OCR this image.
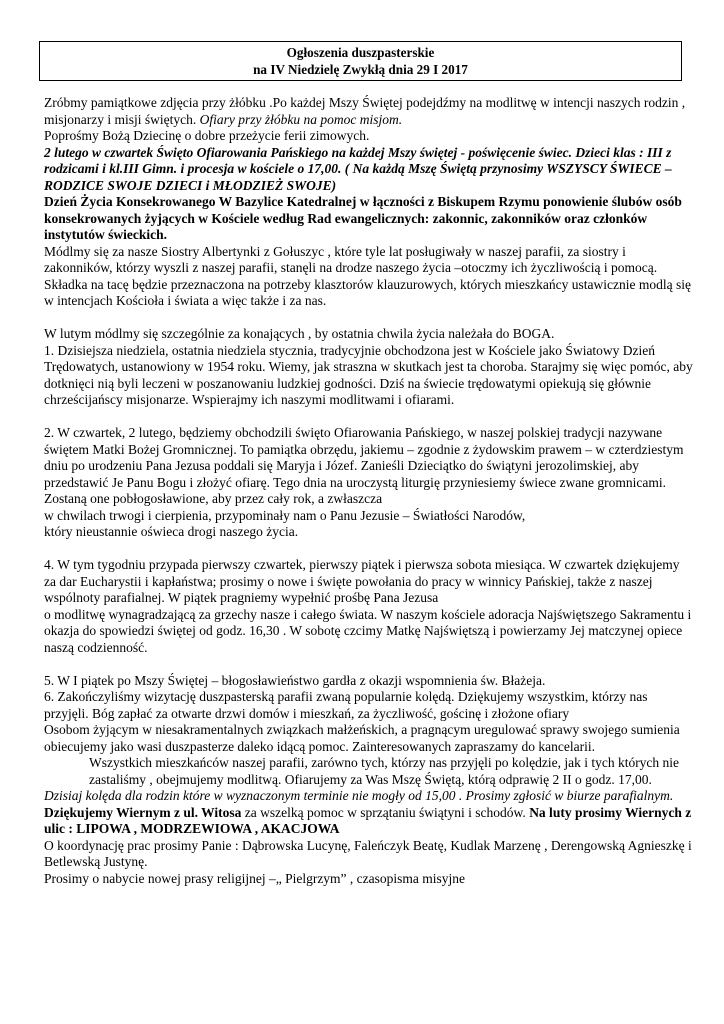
Ogłoszenia duszpasterskie
na IV Niedzielę Zwykłą dnia 29 I 2017

Zróbmy pamiątkowe zdjęcia przy żłóbku .Po każdej Mszy Świętej podejdźmy na modlitwę w intencji naszych rodzin , misjonarzy i misji świętych. Ofiary przy żłóbku na pomoc misjom.

Poprośmy Bożą Dziecinę o dobre przeżycie ferii zimowych.

2 lutego w czwartek Święto Ofiarowania Pańskiego na każdej Mszy świętej - poświęcenie świec. Dzieci klas : III z rodzicami i kl.III Gimn. i procesja w kościele o 17,00. ( Na każdą Mszę Świętą przynosimy WSZYSCY ŚWIECE – RODZICE SWOJE DZIECI i MŁODZIEŻ SWOJE)

Dzień Życia Konsekrowanego W Bazylice Katedralnej w łączności z Biskupem Rzymu ponowienie ślubów osób konsekrowanych żyjących w Kościele według Rad ewangelicznych: zakonnic, zakonników oraz członków instytutów świeckich.

Módlmy się za nasze Siostry Albertynki z Gołuszyc , które tyle lat posługiwały w naszej parafii, za siostry i zakonników, którzy wyszli z naszej parafii, stanęli na drodze naszego życia –otoczmy ich życzliwością i pomocą. Składka na tacę będzie przeznaczona na potrzeby klasztorów klauzurowych, których mieszkańcy ustawicznie modlą się w intencjach Kościoła i świata a więc także i za nas.

W lutym módlmy się szczególnie za konających , by ostatnia chwila życia należała do BOGA.

1. Dzisiejsza niedziela, ostatnia niedziela stycznia, tradycyjnie obchodzona jest w Kościele jako Światowy Dzień Trędowatych, ustanowiony w 1954 roku. Wiemy, jak straszna w skutkach jest ta choroba. Starajmy się więc pomóc, aby dotknięci nią byli leczeni w poszanowaniu ludzkiej godności. Dziś na świecie trędowatymi opiekują się głównie chrześcijańscy misjonarze. Wspierajmy ich naszymi modlitwami i ofiarami.

2. W czwartek, 2 lutego, będziemy obchodzili święto Ofiarowania Pańskiego, w naszej polskiej tradycji nazywane świętem Matki Bożej Gromnicznej. To pamiątka obrzędu, jakiemu – zgodnie z żydowskim prawem – w czterdziestym dniu po urodzeniu Pana Jezusa poddali się Maryja i Józef. Zanieśli Dzieciątko do świątyni jerozolimskiej, aby przedstawić Je Panu Bogu i złożyć ofiarę. Tego dnia na uroczystą liturgię przyniesiemy świece zwane gromnicami. Zostaną one pobłogosławione, aby przez cały rok, a zwłaszcza
w chwilach trwogi i cierpienia, przypominały nam o Panu Jezusie – Światłości Narodów,
który nieustannie oświeca drogi naszego życia.

4. W tym tygodniu przypada pierwszy czwartek, pierwszy piątek i pierwsza sobota miesiąca. W czwartek dziękujemy za dar Eucharystii i kapłaństwa; prosimy o nowe i święte powołania do pracy w winnicy Pańskiej, także z naszej wspólnoty parafialnej. W piątek pragniemy wypełnić prośbę Pana Jezusa
o modlitwę wynagradzającą za grzechy nasze i całego świata. W naszym kościele adoracja Najświętszego Sakramentu i okazja do spowiedzi świętej od godz. 16,30 . W sobotę czcimy Matkę Najświętszą i powierzamy Jej matczynej opiece naszą codzienność.

5. W I piątek po Mszy Świętej – błogosławieństwo gardła z okazji wspomnienia św. Błażeja.

6. Zakończyliśmy wizytację duszpasterską parafii zwaną popularnie kolędą. Dziękujemy wszystkim, którzy nas przyjęli. Bóg zapłać za otwarte drzwi domów i mieszkań, za życzliwość, gościnę i złożone ofiary
Osobom żyjącym w niesakramentalnych związkach małżeńskich, a pragnącym uregulować sprawy swojego sumienia obiecujemy jako wasi duszpasterze daleko idącą pomoc. Zainteresowanych zapraszamy do kancelarii.

Wszystkich mieszkańców naszej parafii, zarówno tych, którzy nas przyjęli po kolędzie, jak i tych których nie zastaliśmy , obejmujemy modlitwą. Ofiarujemy za Was Mszę Świętą, którą odprawię 2 II o godz. 17,00.

Dzisiaj kolęda dla rodzin które w wyznaczonym terminie nie mogły od 15,00 . Prosimy zgłosić w biurze parafialnym.

Dziękujemy Wiernym z ul. Witosa za wszelką pomoc w sprzątaniu świątyni i schodów. Na luty prosimy Wiernych z ulic : LIPOWA , MODRZEWIOWA , AKACJOWA

O koordynację prac prosimy Panie : Dąbrowska Lucynę, Faleńczyk Beatę, Kudlak Marzenę , Derengowską Agnieszkę i Betlewską Justynę.

Prosimy o nabycie nowej prasy religijnej –„ Pielgrzym” , czasopisma misyjne
